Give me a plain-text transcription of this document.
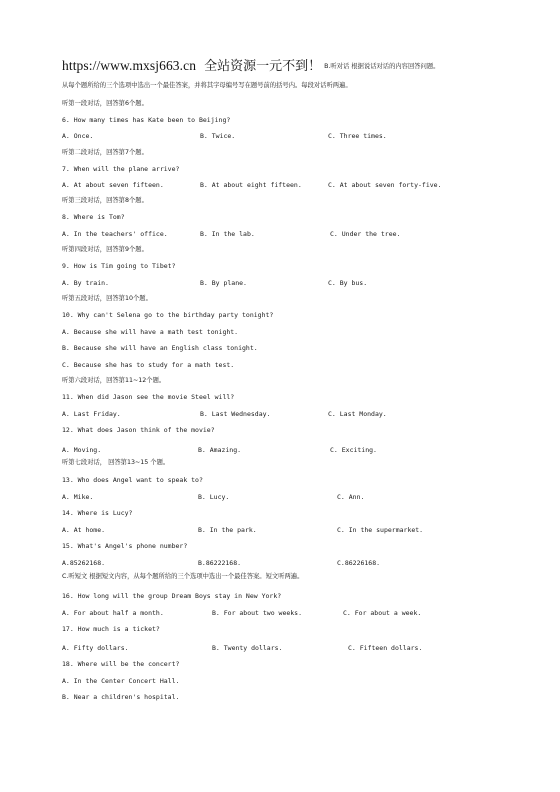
https://www.mxsj663.cn 全站资源一元不到！ B.听对话 根据说话对话的内容回答问题。
从每个题所给的三个选项中选出一个最佳答案，并将其字母编号写在题号前的括号内。每段对话听两遍。
听第一段对话，回答第6个题。
6. How many times has Kate been to Beijing?
A. Once.	B. Twice.	C. Three times.
听第二段对话，回答第7个题。
7. When will the plane arrive?
A. At about seven fifteen.	B. At about eight fifteen.	C. At about seven forty-five.
听第三段对话，回答第8个题。
8. Where is Tom?
A. In the teachers' office.	B. In the lab.	C. Under the tree.
听第四段对话，回答第9个题。
9. How is Tim going to Tibet?
A. By train.	B. By plane.	C. By bus.
听第五段对话，回答第10个题。
10. Why can't Selena go to the birthday party tonight?
A. Because she will have a math test tonight.
B. Because she will have an English class tonight.
C. Because she has to study for a math test.
听第六段对话，回答第11~12个题。
11. When did Jason see the movie Steel will?
A. Last Friday.	B. Last Wednesday.	C. Last Monday.
12. What does Jason think of the movie?
A. Moving.	B. Amazing.	C. Exciting.
听第七段对话， 回答第13~15 个题。
13. Who does Angel want to speak to?
A. Mike.	B. Lucy.	C. Ann.
14. Where is Lucy?
A. At home.	B. In the park.	C. In the supermarket.
15. What's Angel's phone number?
A.85262168.	B.86222168.	C.86226168.
C.听短文 根据短文内容，从每个题所给的三个选项中选出一个最佳答案。短文听两遍。
16. How long will the group Dream Boys stay in New York?
A. For about half a month.	B. For about two weeks.	C. For about a week.
17. How much is a ticket?
A. Fifty dollars.	B. Twenty dollars.	C. Fifteen dollars.
18. Where will be the concert?
A. In the Center Concert Hall.
B. Near a children's hospital.
